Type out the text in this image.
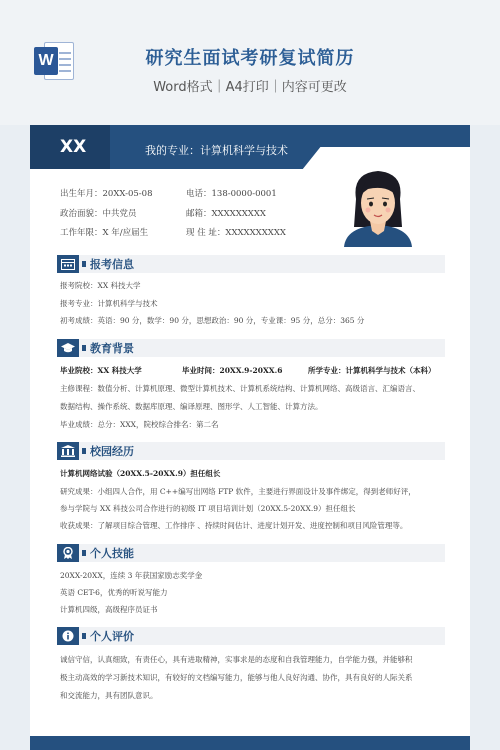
W	研究生面试考研复试简历
Word格式｜A4打印｜内容可更改
XX	我的专业：计算机科学与技术
出生年月：20XX-05-08	电话：138-0000-0001
政治面貌：中共党员	邮箱：XXXXXXXXX
工作年限：X 年/应届生	现 住 址：XXXXXXXXXX
报考信息
报考院校：XX 科技大学
报考专业：计算机科学与技术
初考成绩：英语：90 分，数学：90 分，思想政治：90 分，专业课：95 分，总分：365 分
教育背景
毕业院校：XX 科技大学	毕业时间：20XX.9-20XX.6	所学专业：计算机科学与技术（本科）
主修课程：数值分析、计算机原理、微型计算机技术、计算机系统结构、计算机网络、高级语言、汇编语言、
数据结构、操作系统、数据库原理、编译原理、图形学、人工智能、计算方法。
毕业成绩：总分：XXX，院校综合排名：第二名
校园经历
计算机网络试验（20XX.5-20XX.9）担任组长
研究成果：小组四人合作，用 C++编写出网络 FTP 软件，主要进行界面设计及事件绑定，得到老师好评，
参与学院与 XX 科技公司合作进行的初级 IT 项目培训计划（20XX.5-20XX.9）担任组长
收获成果：了解项目综合管理、工作排序 、持续时间估计、进度计划开发、进度控制和项目风险管理等。
个人技能
20XX-20XX，连续 3 年获国家励志奖学金
英语 CET-6，优秀的听说写能力
计算机四级，高级程序员证书
个人评价
诚信守信，认真细致，有责任心，具有进取精神，实事求是的态度和自我管理能力，自学能力强，并能够积
极主动高效的学习新技术知识，有较好的文档编写能力，能够与他人良好沟通、协作，具有良好的人际关系
和交流能力，具有团队意识。
